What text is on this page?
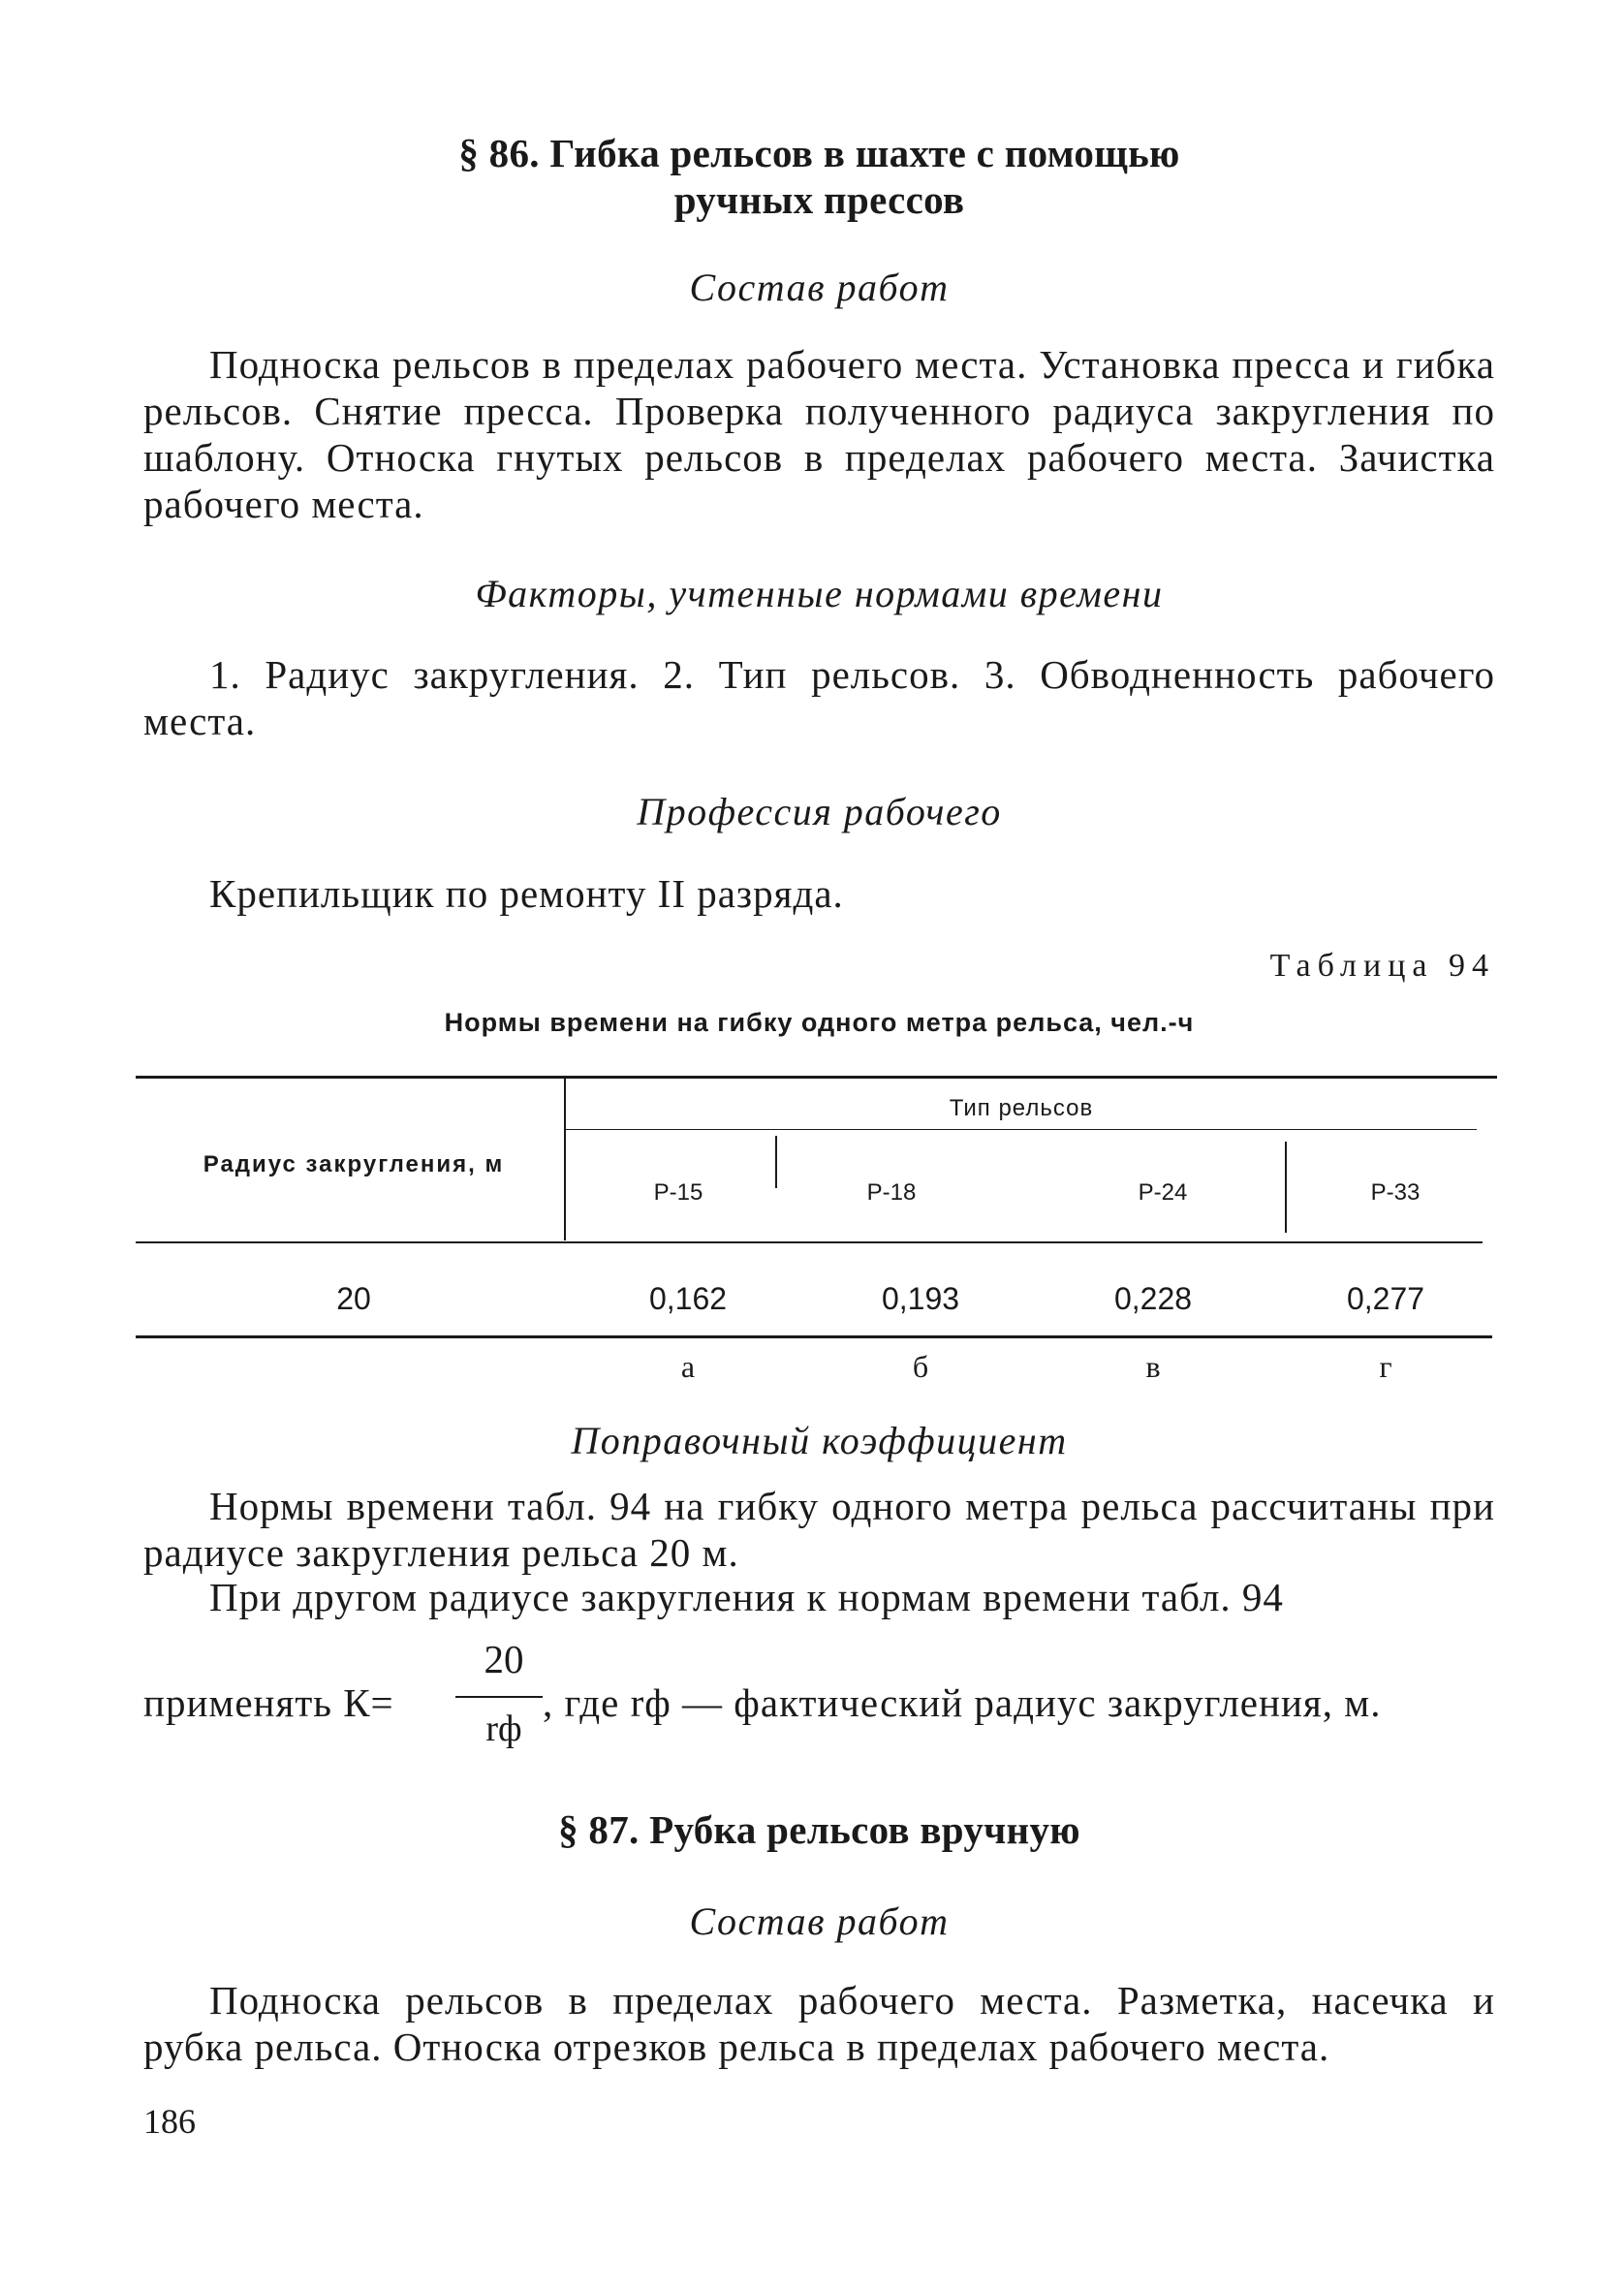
§ 86. Гибка рельсов в шахте с помощью
ручных прессов
Состав работ

Подноска рельсов в пределах рабочего места. Установка пресса и гибка рельсов. Снятие пресса. Проверка полученного радиуса закругления по шаблону. Относка гнутых рельсов в пределах рабочего места. Зачистка рабочего места.

Факторы, учтенные нормами времени

1. Радиус закругления. 2. Тип рельсов. 3. Обводненность рабочего места.

Профессия рабочего

Крепильщик по ремонту II разряда.

Таблица 94
Нормы времени на гибку одного метра рельса, чел.-ч
Радиус закругления, м
Тип рельсов
Р-15	Р-18	Р-24	Р-33
20	0,162	0,193	0,228	0,277
а	б	в	г
Поправочный коэффициент

Нормы времени табл. 94 на гибку одного метра рельса рассчитаны при радиусе закругления рельса 20 м.

При другом радиусе закругления к нормам времени табл. 94

применять К=
20
rф
, где rф — фактический радиус закругления, м.
§ 87. Рубка рельсов вручную
Состав работ

Подноска рельсов в пределах рабочего места. Разметка, насечка и рубка рельса. Относка отрезков рельса в пределах рабочего места.

186
